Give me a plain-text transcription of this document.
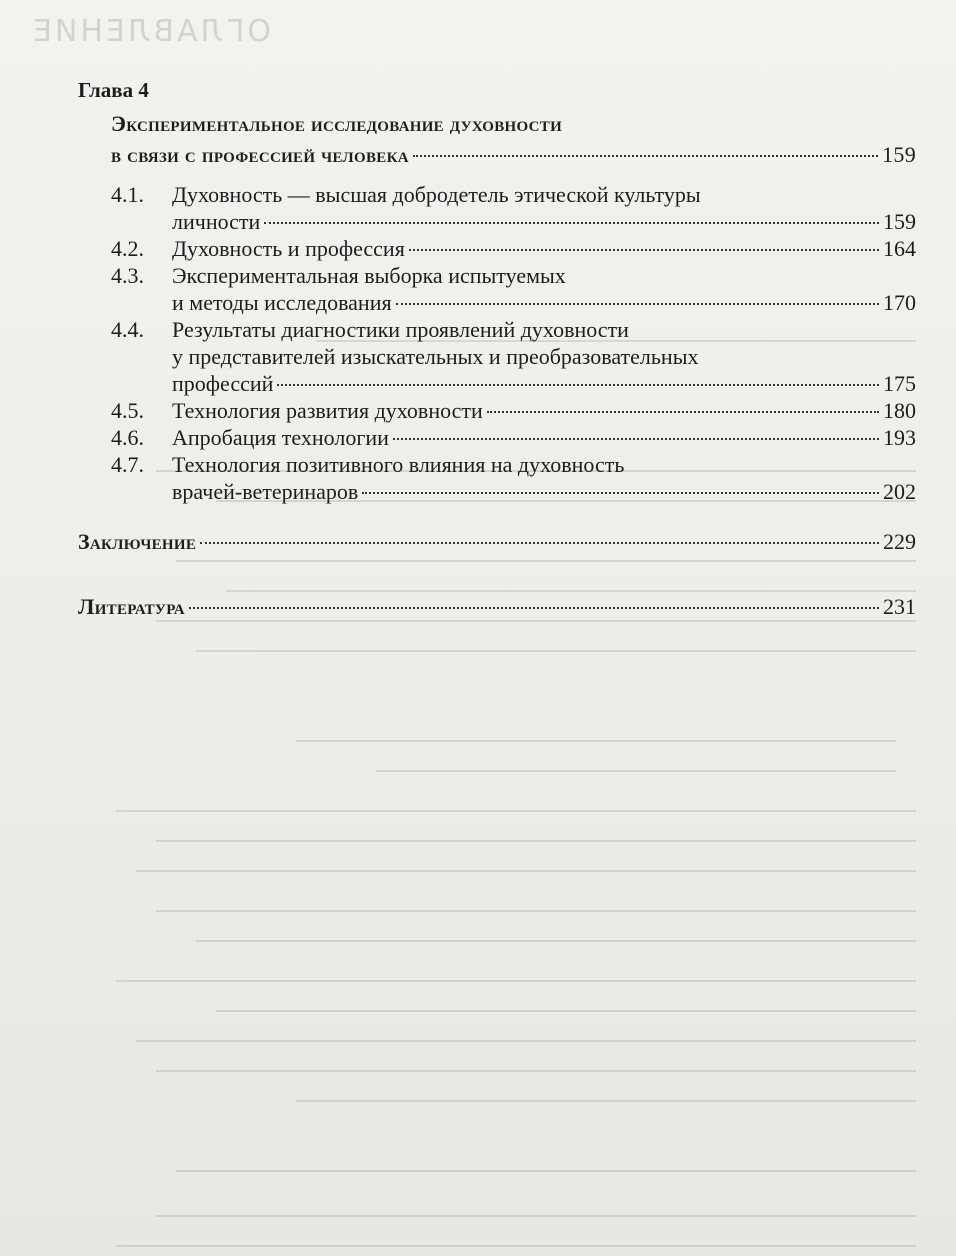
ОГЛАВЛЕНИЕ
Глава 4
Экспериментальное исследование духовности
в связи с профессией человека	159
4.1. Духовность — высшая добродетель этической культуры
личности	159
4.2. Духовность и профессия	164
4.3. Экспериментальная выборка испытуемых
и методы исследования	170
4.4. Результаты диагностики проявлений духовности
у представителей изыскательных и преобразовательных
профессий	175
4.5. Технология развития духовности	180
4.6. Апробация технологии	193
4.7. Технология позитивного влияния на духовность
врачей-ветеринаров	202
Заключение	229
Литература	231
